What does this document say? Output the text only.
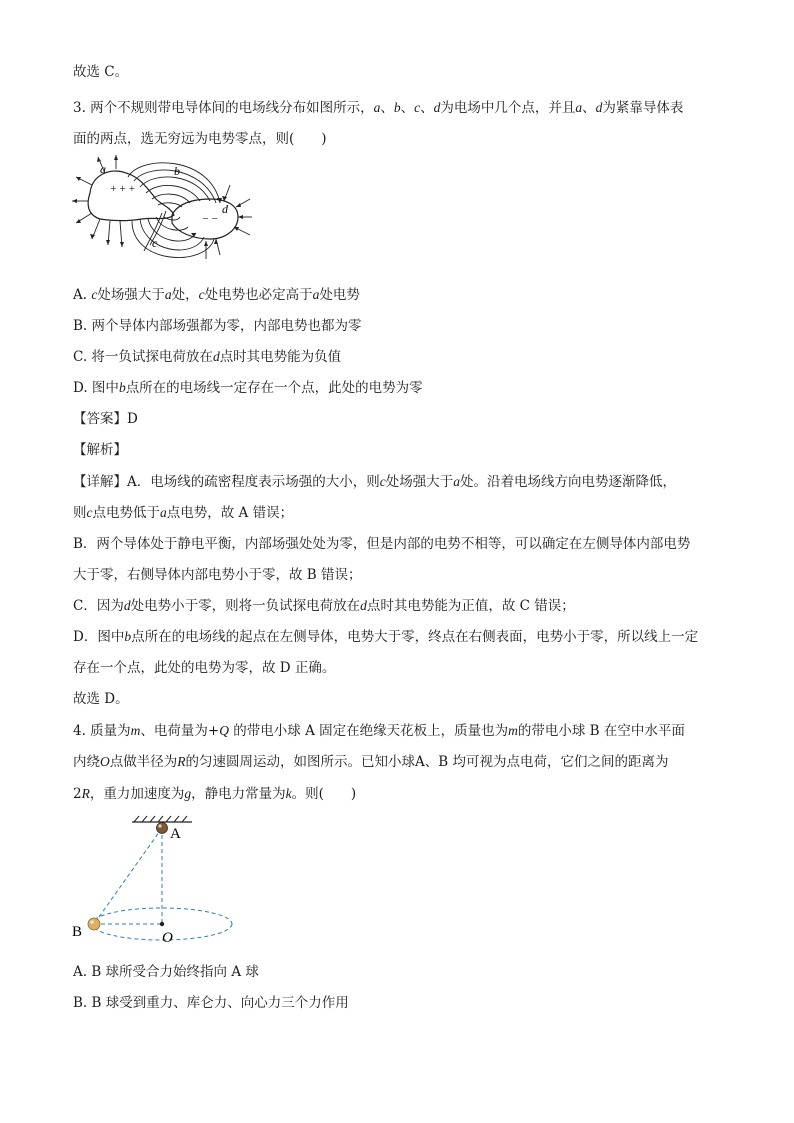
故选 C。
3. 两个不规则带电导体间的电场线分布如图所示，a、b、c、d为电场中几个点，并且a、d为紧靠导体表
面的两点，选无穷远为电势零点，则(　　)
a	b
c
d
+ + +
− −
A. c处场强大于a处，c处电势也必定高于a处电势
B. 两个导体内部场强都为零，内部电势也都为零
C. 将一负试探电荷放在d点时其电势能为负值
D. 图中b点所在的电场线一定存在一个点，此处的电势为零
【答案】D
【解析】
【详解】A．电场线的疏密程度表示场强的大小，则c处场强大于a处。沿着电场线方向电势逐渐降低，
则c点电势低于a点电势，故 A 错误；
B．两个导体处于静电平衡，内部场强处处为零，但是内部的电势不相等，可以确定在左侧导体内部电势
大于零，右侧导体内部电势小于零，故 B 错误；
C．因为d处电势小于零，则将一负试探电荷放在d点时其电势能为正值，故 C 错误；
D．图中b点所在的电场线的起点在左侧导体，电势大于零，终点在右侧表面，电势小于零，所以线上一定
存在一个点，此处的电势为零，故 D 正确。
故选 D。
4. 质量为m、电荷量为+Q 的带电小球 A 固定在绝缘天花板上，质量也为m的带电小球 B 在空中水平面
内绕O点做半径为R的匀速圆周运动，如图所示。已知小球A、B 均可视为点电荷，它们之间的距离为
2R，重力加速度为g，静电力常量为k。则(　　)
A
B	O
A. B 球所受合力始终指向 A 球
B. B 球受到重力、库仑力、向心力三个力作用
